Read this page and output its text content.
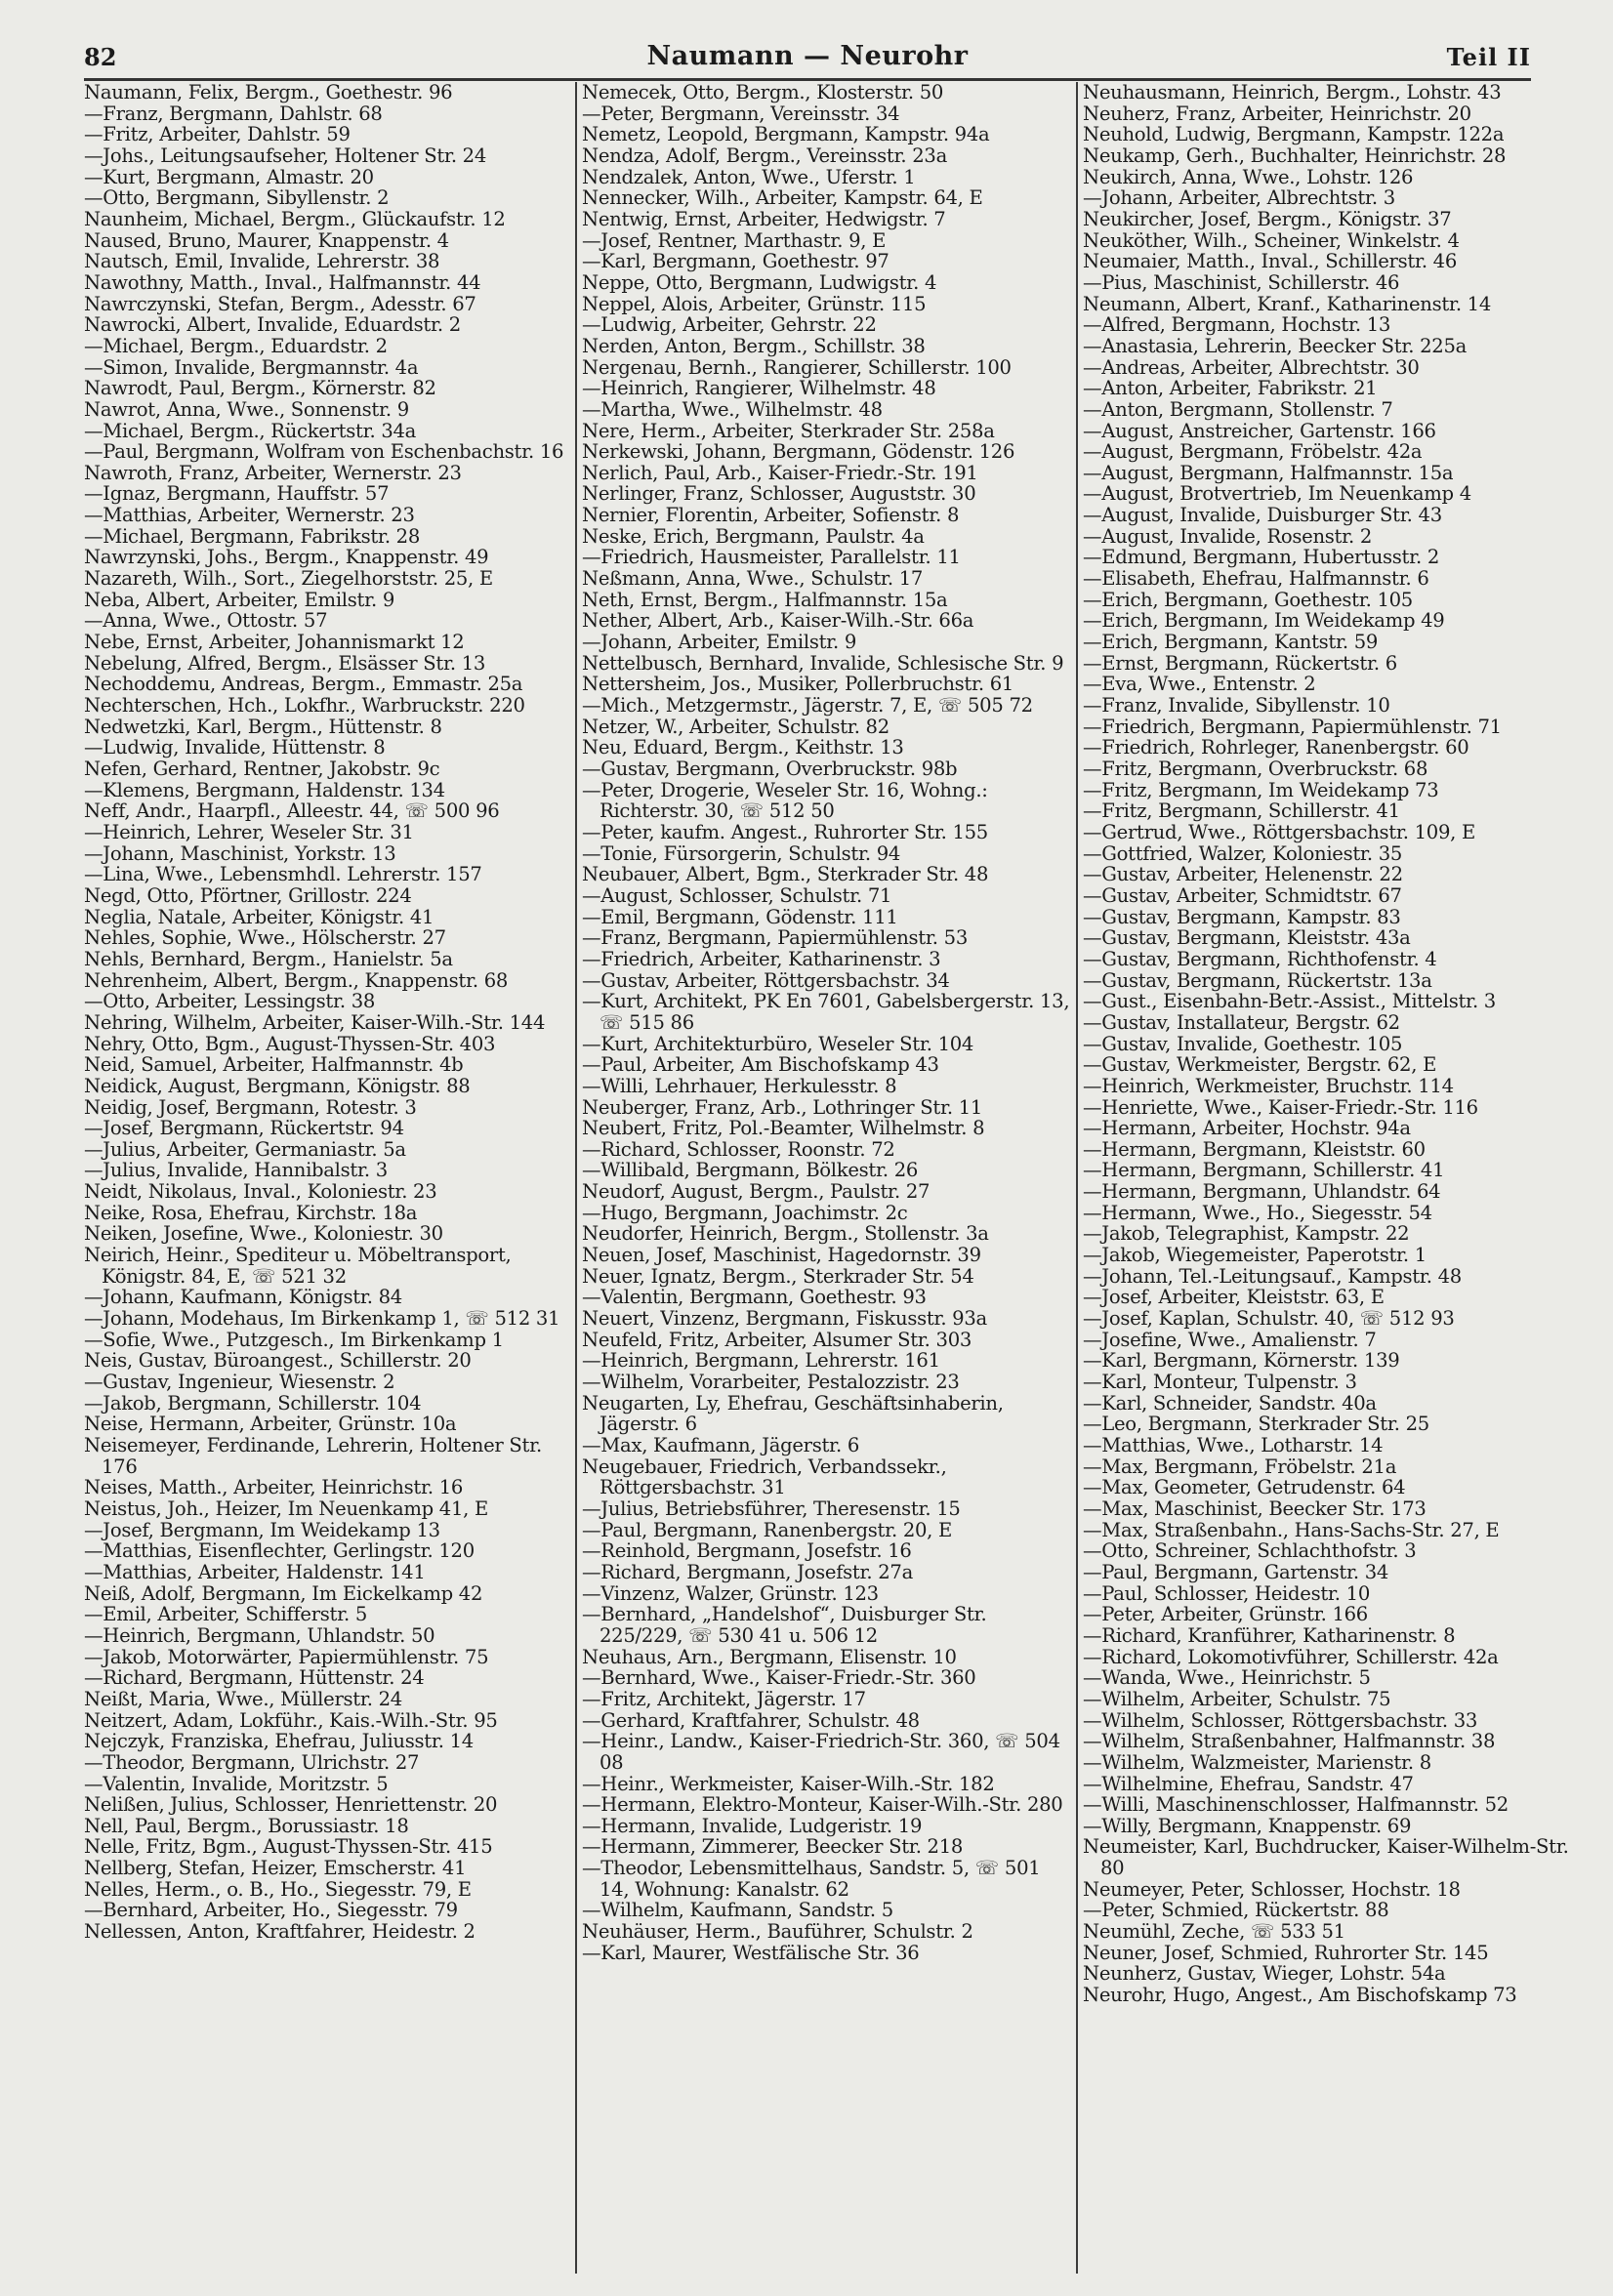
82	Naumann — Neurohr	Teil II
Naumann, Felix, Bergm., Goethestr. 96
—Franz, Bergmann, Dahlstr. 68
—Fritz, Arbeiter, Dahlstr. 59
—Johs., Leitungsaufseher, Holtener Str. 24
—Kurt, Bergmann, Almastr. 20
—Otto, Bergmann, Sibyllenstr. 2
Naunheim, Michael, Bergm., Glückaufstr. 12
Naused, Bruno, Maurer, Knappenstr. 4
Nautsch, Emil, Invalide, Lehrerstr. 38
Nawothny, Matth., Inval., Halfmannstr. 44
Nawrczynski, Stefan, Bergm., Adesstr. 67
Nawrocki, Albert, Invalide, Eduardstr. 2
—Michael, Bergm., Eduardstr. 2
—Simon, Invalide, Bergmannstr. 4a
Nawrodt, Paul, Bergm., Körnerstr. 82
Nawrot, Anna, Wwe., Sonnenstr. 9
—Michael, Bergm., Rückertstr. 34a
—Paul, Bergmann, Wolfram von Eschenbachstr. 16
Nawroth, Franz, Arbeiter, Wernerstr. 23
—Ignaz, Bergmann, Hauffstr. 57
—Matthias, Arbeiter, Wernerstr. 23
—Michael, Bergmann, Fabrikstr. 28
Nawrzynski, Johs., Bergm., Knappenstr. 49
Nazareth, Wilh., Sort., Ziegelhorststr. 25, E
Neba, Albert, Arbeiter, Emilstr. 9
—Anna, Wwe., Ottostr. 57
Nebe, Ernst, Arbeiter, Johannismarkt 12
Nebelung, Alfred, Bergm., Elsässer Str. 13
Nechoddemu, Andreas, Bergm., Emmastr. 25a
Nechterschen, Hch., Lokfhr., Warbruckstr. 220
Nedwetzki, Karl, Bergm., Hüttenstr. 8
—Ludwig, Invalide, Hüttenstr. 8
Nefen, Gerhard, Rentner, Jakobstr. 9c
—Klemens, Bergmann, Haldenstr. 134
Neff, Andr., Haarpfl., Alleestr. 44, ☏ 500 96
—Heinrich, Lehrer, Weseler Str. 31
—Johann, Maschinist, Yorkstr. 13
—Lina, Wwe., Lebensmhdl. Lehrerstr. 157
Negd, Otto, Pförtner, Grillostr. 224
Neglia, Natale, Arbeiter, Königstr. 41
Nehles, Sophie, Wwe., Hölscherstr. 27
Nehls, Bernhard, Bergm., Hanielstr. 5a
Nehrenheim, Albert, Bergm., Knappenstr. 68
—Otto, Arbeiter, Lessingstr. 38
Nehring, Wilhelm, Arbeiter, Kaiser-Wilh.-Str. 144
Nehry, Otto, Bgm., August-Thyssen-Str. 403
Neid, Samuel, Arbeiter, Halfmannstr. 4b
Neidick, August, Bergmann, Königstr. 88
Neidig, Josef, Bergmann, Rotestr. 3
—Josef, Bergmann, Rückertstr. 94
—Julius, Arbeiter, Germaniastr. 5a
—Julius, Invalide, Hannibalstr. 3
Neidt, Nikolaus, Inval., Koloniestr. 23
Neike, Rosa, Ehefrau, Kirchstr. 18a
Neiken, Josefine, Wwe., Koloniestr. 30
Neirich, Heinr., Spediteur u. Möbeltransport, Königstr. 84, E, ☏ 521 32
—Johann, Kaufmann, Königstr. 84
—Johann, Modehaus, Im Birkenkamp 1, ☏ 512 31
—Sofie, Wwe., Putzgesch., Im Birkenkamp 1
Neis, Gustav, Büroangest., Schillerstr. 20
—Gustav, Ingenieur, Wiesenstr. 2
—Jakob, Bergmann, Schillerstr. 104
Neise, Hermann, Arbeiter, Grünstr. 10a
Neisemeyer, Ferdinande, Lehrerin, Holtener Str. 176
Neises, Matth., Arbeiter, Heinrichstr. 16
Neistus, Joh., Heizer, Im Neuenkamp 41, E
—Josef, Bergmann, Im Weidekamp 13
—Matthias, Eisenflechter, Gerlingstr. 120
—Matthias, Arbeiter, Haldenstr. 141
Neiß, Adolf, Bergmann, Im Eickelkamp 42
—Emil, Arbeiter, Schifferstr. 5
—Heinrich, Bergmann, Uhlandstr. 50
—Jakob, Motorwärter, Papiermühlenstr. 75
—Richard, Bergmann, Hüttenstr. 24
Neißt, Maria, Wwe., Müllerstr. 24
Neitzert, Adam, Lokführ., Kais.-Wilh.-Str. 95
Nejczyk, Franziska, Ehefrau, Juliusstr. 14
—Theodor, Bergmann, Ulrichstr. 27
—Valentin, Invalide, Moritzstr. 5
Nelißen, Julius, Schlosser, Henriettenstr. 20
Nell, Paul, Bergm., Borussiastr. 18
Nelle, Fritz, Bgm., August-Thyssen-Str. 415
Nellberg, Stefan, Heizer, Emscherstr. 41
Nelles, Herm., o. B., Ho., Siegesstr. 79, E
—Bernhard, Arbeiter, Ho., Siegesstr. 79
Nellessen, Anton, Kraftfahrer, Heidestr. 2
Nemecek, Otto, Bergm., Klosterstr. 50
—Peter, Bergmann, Vereinsstr. 34
Nemetz, Leopold, Bergmann, Kampstr. 94a
Nendza, Adolf, Bergm., Vereinsstr. 23a
Nendzalek, Anton, Wwe., Uferstr. 1
Nennecker, Wilh., Arbeiter, Kampstr. 64, E
Nentwig, Ernst, Arbeiter, Hedwigstr. 7
—Josef, Rentner, Marthastr. 9, E
—Karl, Bergmann, Goethestr. 97
Neppe, Otto, Bergmann, Ludwigstr. 4
Neppel, Alois, Arbeiter, Grünstr. 115
—Ludwig, Arbeiter, Gehrstr. 22
Nerden, Anton, Bergm., Schillstr. 38
Nergenau, Bernh., Rangierer, Schillerstr. 100
—Heinrich, Rangierer, Wilhelmstr. 48
—Martha, Wwe., Wilhelmstr. 48
Nere, Herm., Arbeiter, Sterkrader Str. 258a
Nerkewski, Johann, Bergmann, Gödenstr. 126
Nerlich, Paul, Arb., Kaiser-Friedr.-Str. 191
Nerlinger, Franz, Schlosser, Auguststr. 30
Nernier, Florentin, Arbeiter, Sofienstr. 8
Neske, Erich, Bergmann, Paulstr. 4a
—Friedrich, Hausmeister, Parallelstr. 11
Neßmann, Anna, Wwe., Schulstr. 17
Neth, Ernst, Bergm., Halfmannstr. 15a
Nether, Albert, Arb., Kaiser-Wilh.-Str. 66a
—Johann, Arbeiter, Emilstr. 9
Nettelbusch, Bernhard, Invalide, Schlesische Str. 9
Nettersheim, Jos., Musiker, Pollerbruchstr. 61
—Mich., Metzgermstr., Jägerstr. 7, E, ☏ 505 72
Netzer, W., Arbeiter, Schulstr. 82
Neu, Eduard, Bergm., Keithstr. 13
—Gustav, Bergmann, Overbruckstr. 98b
—Peter, Drogerie, Weseler Str. 16, Wohng.: Richterstr. 30, ☏ 512 50
—Peter, kaufm. Angest., Ruhrorter Str. 155
—Tonie, Fürsorgerin, Schulstr. 94
Neubauer, Albert, Bgm., Sterkrader Str. 48
—August, Schlosser, Schulstr. 71
—Emil, Bergmann, Gödenstr. 111
—Franz, Bergmann, Papiermühlenstr. 53
—Friedrich, Arbeiter, Katharinenstr. 3
—Gustav, Arbeiter, Röttgersbachstr. 34
—Kurt, Architekt, PK En 7601, Gabelsbergerstr. 13, ☏ 515 86
—Kurt, Architekturbüro, Weseler Str. 104
—Paul, Arbeiter, Am Bischofskamp 43
—Willi, Lehrhauer, Herkulesstr. 8
Neuberger, Franz, Arb., Lothringer Str. 11
Neubert, Fritz, Pol.-Beamter, Wilhelmstr. 8
—Richard, Schlosser, Roonstr. 72
—Willibald, Bergmann, Bölkestr. 26
Neudorf, August, Bergm., Paulstr. 27
—Hugo, Bergmann, Joachimstr. 2c
Neudorfer, Heinrich, Bergm., Stollenstr. 3a
Neuen, Josef, Maschinist, Hagedornstr. 39
Neuer, Ignatz, Bergm., Sterkrader Str. 54
—Valentin, Bergmann, Goethestr. 93
Neuert, Vinzenz, Bergmann, Fiskusstr. 93a
Neufeld, Fritz, Arbeiter, Alsumer Str. 303
—Heinrich, Bergmann, Lehrerstr. 161
—Wilhelm, Vorarbeiter, Pestalozzistr. 23
Neugarten, Ly, Ehefrau, Geschäftsinhaberin, Jägerstr. 6
—Max, Kaufmann, Jägerstr. 6
Neugebauer, Friedrich, Verbandssekr., Röttgersbachstr. 31
—Julius, Betriebsführer, Theresenstr. 15
—Paul, Bergmann, Ranenbergstr. 20, E
—Reinhold, Bergmann, Josefstr. 16
—Richard, Bergmann, Josefstr. 27a
—Vinzenz, Walzer, Grünstr. 123
—Bernhard, „Handelshof“, Duisburger Str. 225/229, ☏ 530 41 u. 506 12
Neuhaus, Arn., Bergmann, Elisenstr. 10
—Bernhard, Wwe., Kaiser-Friedr.-Str. 360
—Fritz, Architekt, Jägerstr. 17
—Gerhard, Kraftfahrer, Schulstr. 48
—Heinr., Landw., Kaiser-Friedrich-Str. 360, ☏ 504 08
—Heinr., Werkmeister, Kaiser-Wilh.-Str. 182
—Hermann, Elektro-Monteur, Kaiser-Wilh.-Str. 280
—Hermann, Invalide, Ludgeristr. 19
—Hermann, Zimmerer, Beecker Str. 218
—Theodor, Lebensmittelhaus, Sandstr. 5, ☏ 501 14, Wohnung: Kanalstr. 62
—Wilhelm, Kaufmann, Sandstr. 5
Neuhäuser, Herm., Bauführer, Schulstr. 2
—Karl, Maurer, Westfälische Str. 36
Neuhausmann, Heinrich, Bergm., Lohstr. 43
Neuherz, Franz, Arbeiter, Heinrichstr. 20
Neuhold, Ludwig, Bergmann, Kampstr. 122a
Neukamp, Gerh., Buchhalter, Heinrichstr. 28
Neukirch, Anna, Wwe., Lohstr. 126
—Johann, Arbeiter, Albrechtstr. 3
Neukircher, Josef, Bergm., Königstr. 37
Neuköther, Wilh., Scheiner, Winkelstr. 4
Neumaier, Matth., Inval., Schillerstr. 46
—Pius, Maschinist, Schillerstr. 46
Neumann, Albert, Kranf., Katharinenstr. 14
—Alfred, Bergmann, Hochstr. 13
—Anastasia, Lehrerin, Beecker Str. 225a
—Andreas, Arbeiter, Albrechtstr. 30
—Anton, Arbeiter, Fabrikstr. 21
—Anton, Bergmann, Stollenstr. 7
—August, Anstreicher, Gartenstr. 166
—August, Bergmann, Fröbelstr. 42a
—August, Bergmann, Halfmannstr. 15a
—August, Brotvertrieb, Im Neuenkamp 4
—August, Invalide, Duisburger Str. 43
—August, Invalide, Rosenstr. 2
—Edmund, Bergmann, Hubertusstr. 2
—Elisabeth, Ehefrau, Halfmannstr. 6
—Erich, Bergmann, Goethestr. 105
—Erich, Bergmann, Im Weidekamp 49
—Erich, Bergmann, Kantstr. 59
—Ernst, Bergmann, Rückertstr. 6
—Eva, Wwe., Entenstr. 2
—Franz, Invalide, Sibyllenstr. 10
—Friedrich, Bergmann, Papiermühlenstr. 71
—Friedrich, Rohrleger, Ranenbergstr. 60
—Fritz, Bergmann, Overbruckstr. 68
—Fritz, Bergmann, Im Weidekamp 73
—Fritz, Bergmann, Schillerstr. 41
—Gertrud, Wwe., Röttgersbachstr. 109, E
—Gottfried, Walzer, Koloniestr. 35
—Gustav, Arbeiter, Helenenstr. 22
—Gustav, Arbeiter, Schmidtstr. 67
—Gustav, Bergmann, Kampstr. 83
—Gustav, Bergmann, Kleiststr. 43a
—Gustav, Bergmann, Richthofenstr. 4
—Gustav, Bergmann, Rückertstr. 13a
—Gust., Eisenbahn-Betr.-Assist., Mittelstr. 3
—Gustav, Installateur, Bergstr. 62
—Gustav, Invalide, Goethestr. 105
—Gustav, Werkmeister, Bergstr. 62, E
—Heinrich, Werkmeister, Bruchstr. 114
—Henriette, Wwe., Kaiser-Friedr.-Str. 116
—Hermann, Arbeiter, Hochstr. 94a
—Hermann, Bergmann, Kleiststr. 60
—Hermann, Bergmann, Schillerstr. 41
—Hermann, Bergmann, Uhlandstr. 64
—Hermann, Wwe., Ho., Siegesstr. 54
—Jakob, Telegraphist, Kampstr. 22
—Jakob, Wiegemeister, Paperotstr. 1
—Johann, Tel.-Leitungsauf., Kampstr. 48
—Josef, Arbeiter, Kleiststr. 63, E
—Josef, Kaplan, Schulstr. 40, ☏ 512 93
—Josefine, Wwe., Amalienstr. 7
—Karl, Bergmann, Körnerstr. 139
—Karl, Monteur, Tulpenstr. 3
—Karl, Schneider, Sandstr. 40a
—Leo, Bergmann, Sterkrader Str. 25
—Matthias, Wwe., Lotharstr. 14
—Max, Bergmann, Fröbelstr. 21a
—Max, Geometer, Getrudenstr. 64
—Max, Maschinist, Beecker Str. 173
—Max, Straßenbahn., Hans-Sachs-Str. 27, E
—Otto, Schreiner, Schlachthofstr. 3
—Paul, Bergmann, Gartenstr. 34
—Paul, Schlosser, Heidestr. 10
—Peter, Arbeiter, Grünstr. 166
—Richard, Kranführer, Katharinenstr. 8
—Richard, Lokomotivführer, Schillerstr. 42a
—Wanda, Wwe., Heinrichstr. 5
—Wilhelm, Arbeiter, Schulstr. 75
—Wilhelm, Schlosser, Röttgersbachstr. 33
—Wilhelm, Straßenbahner, Halfmannstr. 38
—Wilhelm, Walzmeister, Marienstr. 8
—Wilhelmine, Ehefrau, Sandstr. 47
—Willi, Maschinenschlosser, Halfmannstr. 52
—Willy, Bergmann, Knappenstr. 69
Neumeister, Karl, Buchdrucker, Kaiser-Wilhelm-Str. 80
Neumeyer, Peter, Schlosser, Hochstr. 18
—Peter, Schmied, Rückertstr. 88
Neumühl, Zeche, ☏ 533 51
Neuner, Josef, Schmied, Ruhrorter Str. 145
Neunherz, Gustav, Wieger, Lohstr. 54a
Neurohr, Hugo, Angest., Am Bischofskamp 73
